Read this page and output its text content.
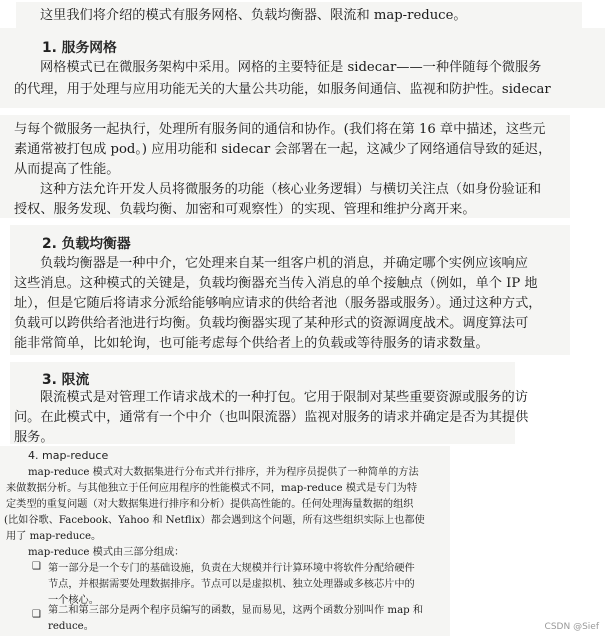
这里我们将介绍的模式有服务网格、负载均衡器、限流和 map-reduce。
1. 服务网格
网格模式已在微服务架构中采用。网格的主要特征是 sidecar——一种伴随每个微服务
的代理，用于处理与应用功能无关的大量公共功能，如服务间通信、监视和防护性。sidecar
与每个微服务一起执行，处理所有服务间的通信和协作。(我们将在第 16 章中描述，这些元
素通常被打包成 pod。) 应用功能和 sidecar 会部署在一起，这减少了网络通信导致的延迟，
从而提高了性能。
这种方法允许开发人员将微服务的功能（核心业务逻辑）与横切关注点（如身份验证和
授权、服务发现、负载均衡、加密和可观察性）的实现、管理和维护分离开来。
2. 负载均衡器
负载均衡器是一种中介，它处理来自某一组客户机的消息，并确定哪个实例应该响应
这些消息。这种模式的关键是，负载均衡器充当传入消息的单个接触点（例如，单个 IP 地
址），但是它随后将请求分派给能够响应请求的供给者池（服务器或服务）。通过这种方式，
负载可以跨供给者池进行均衡。负载均衡器实现了某种形式的资源调度战术。调度算法可
能非常简单，比如轮询，也可能考虑每个供给者上的负载或等待服务的请求数量。
3. 限流
限流模式是对管理工作请求战术的一种打包。它用于限制对某些重要资源或服务的访
问。在此模式中，通常有一个中介（也叫限流器）监视对服务的请求并确定是否为其提供
服务。
4. map-reduce
map-reduce 模式对大数据集进行分布式并行排序，并为程序员提供了一种简单的方法
来做数据分析。与其他独立于任何应用程序的性能模式不同，map-reduce 模式是专门为特
定类型的重复问题（对大数据集进行排序和分析）提供高性能的。任何处理海量数据的组织
(比如谷歌、Facebook、Yahoo 和 Netflix）都会遇到这个问题，所有这些组织实际上也都使
用了 map-reduce。
map-reduce 模式由三部分组成：
❑ 第一部分是一个专门的基础设施，负责在大规模并行计算环境中将软件分配给硬件
节点，并根据需要处理数据排序。节点可以是虚拟机、独立处理器或多核芯片中的
一个核心。
❑ 第二和第三部分是两个程序员编写的函数，显而易见，这两个函数分别叫作 map 和
reduce。	CSDN @Sief
